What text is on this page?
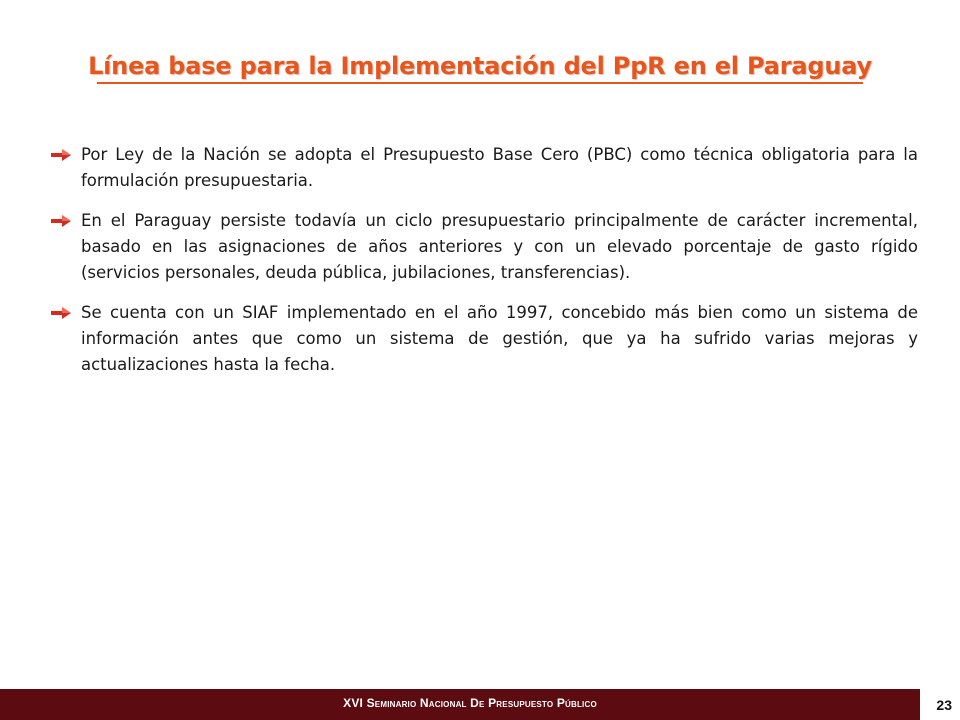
Línea base para la Implementación del PpR en el Paraguay
Por Ley de la Nación se adopta el Presupuesto Base Cero (PBC) como técnica obligatoria para la formulación presupuestaria.
En el Paraguay persiste todavía un ciclo presupuestario principalmente de carácter incremental, basado en las asignaciones de años anteriores y con un elevado porcentaje de gasto rígido (servicios personales, deuda pública, jubilaciones, transferencias).
Se cuenta con un SIAF implementado en el año 1997, concebido más bien como un sistema de información antes que como un sistema de gestión, que ya ha sufrido varias mejoras y actualizaciones hasta la fecha.
XVI Seminario Nacional De Presupuesto Público	23
